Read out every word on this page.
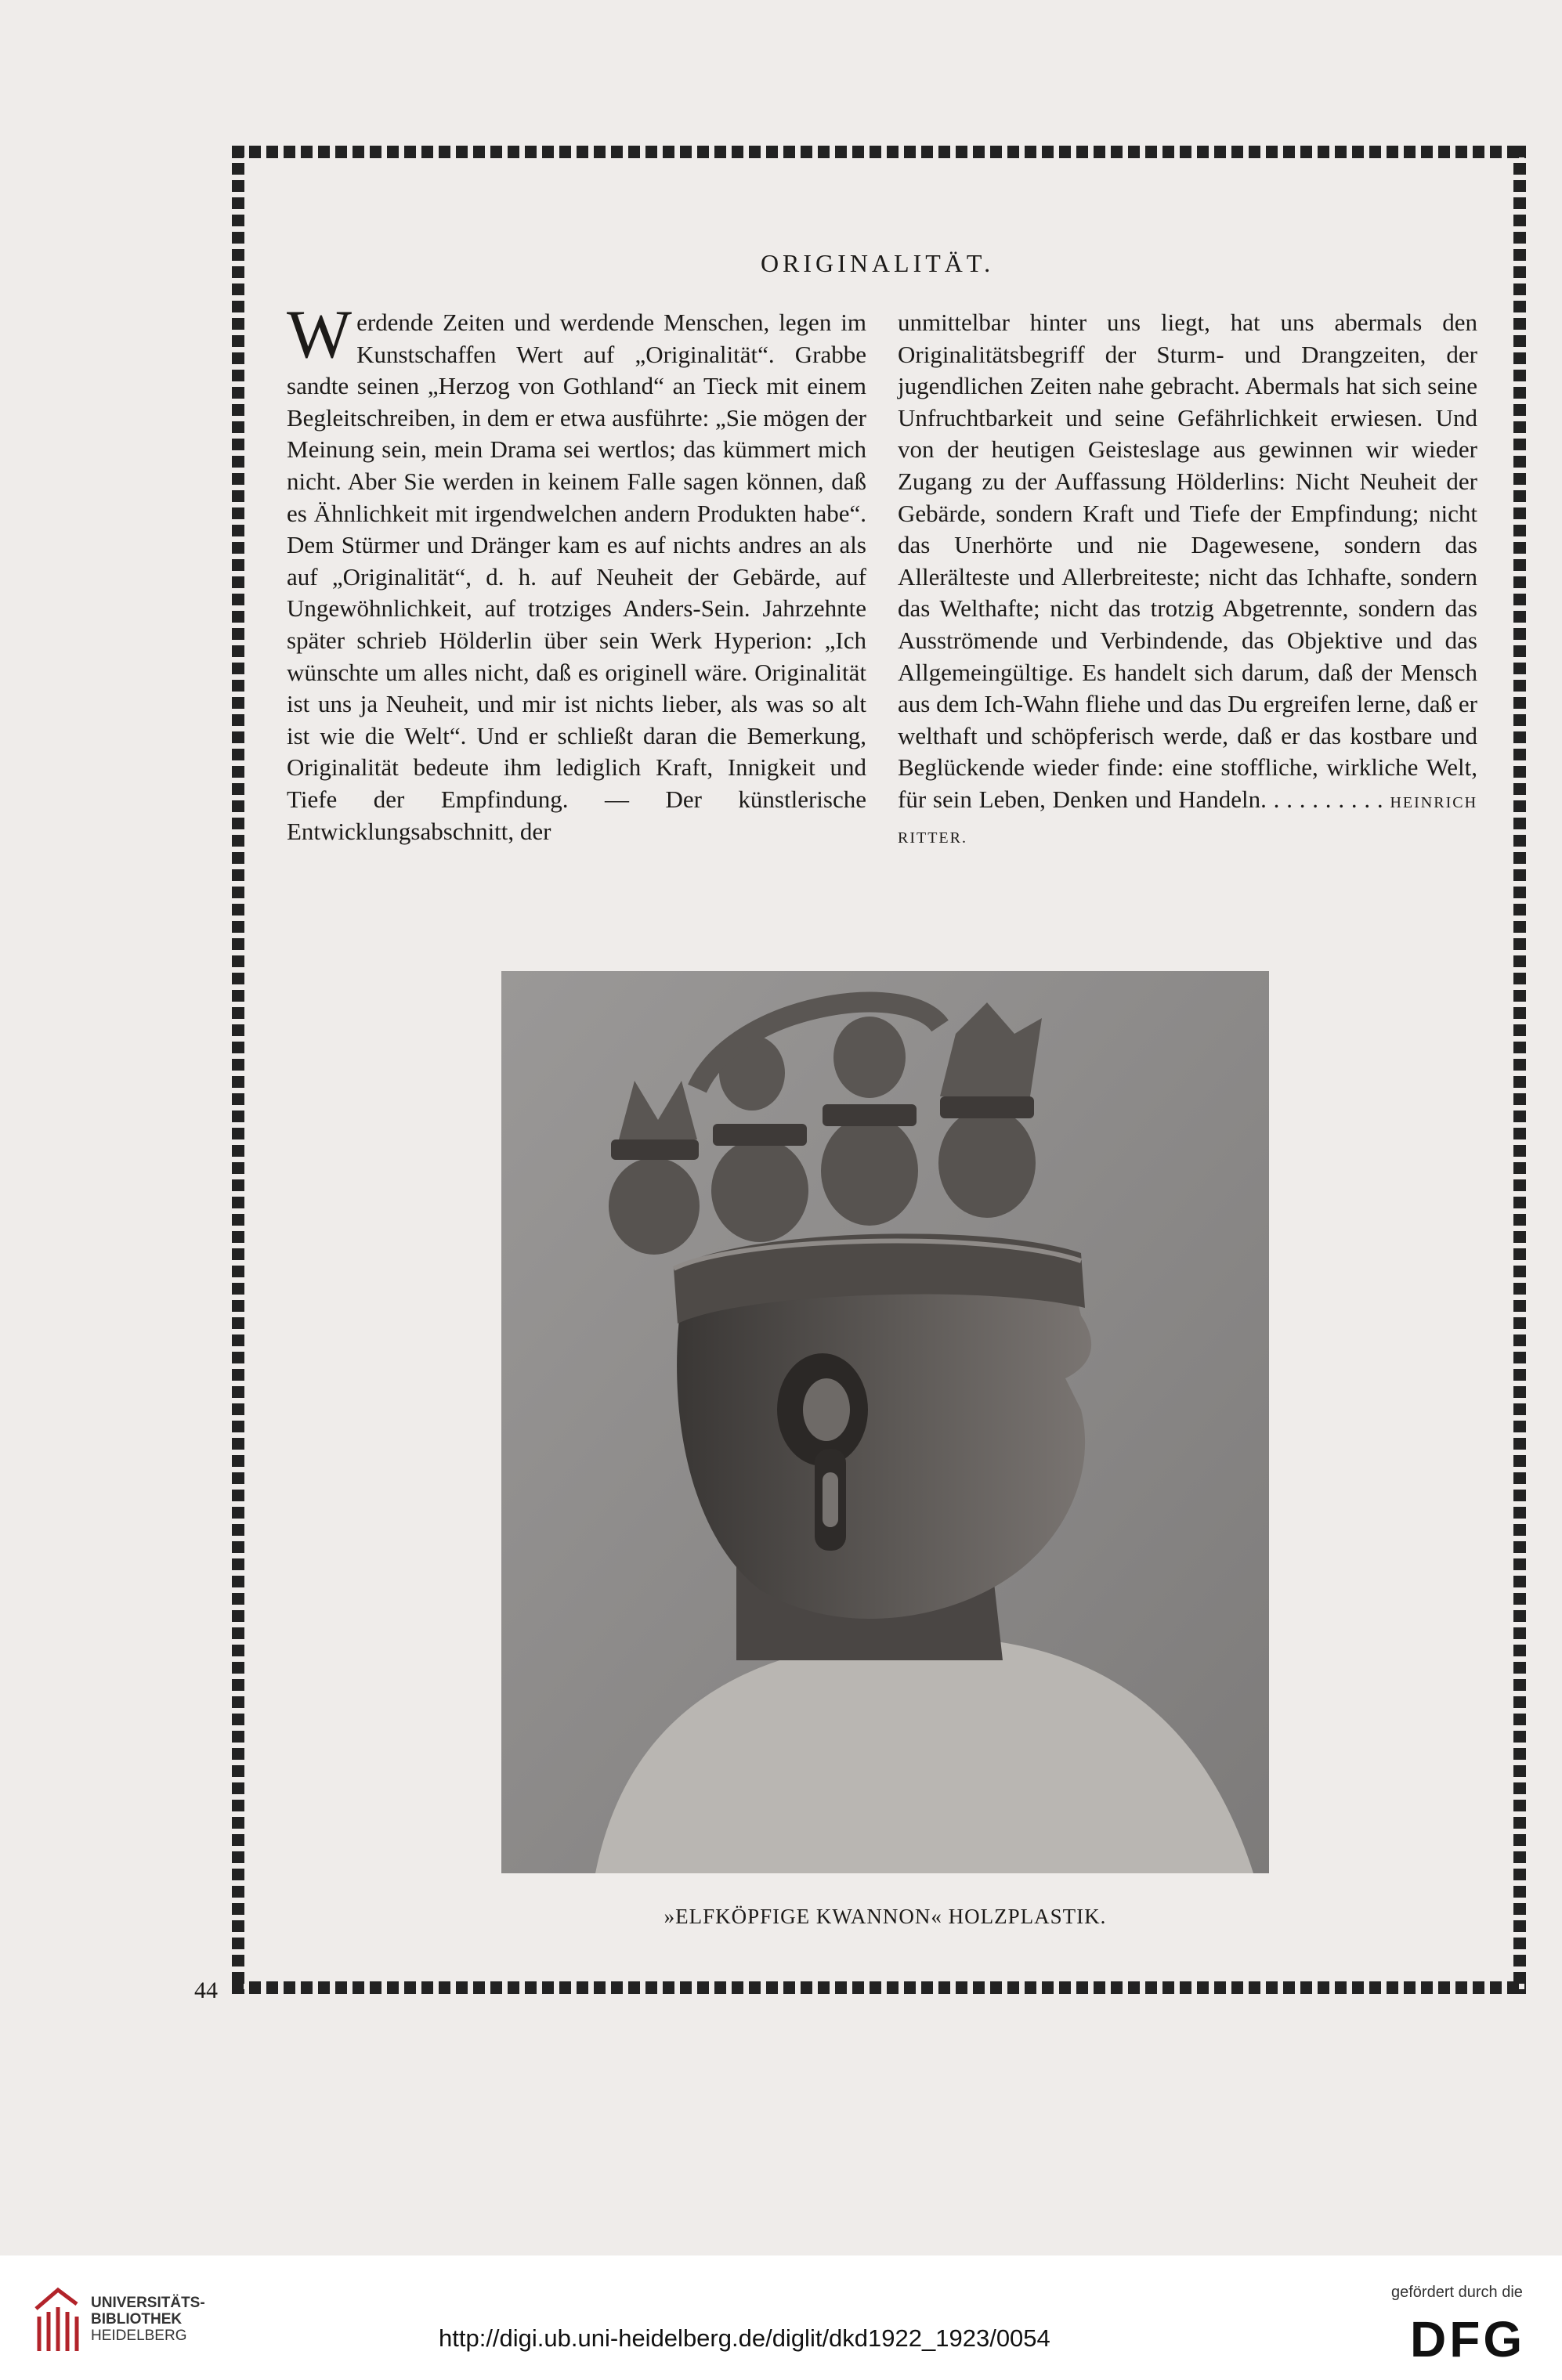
ORIGINALITÄT.
Werdende Zeiten und werdende Menschen, legen im Kunstschaffen Wert auf „Originalität“. Grabbe sandte seinen „Herzog von Gothland“ an Tieck mit einem Begleitschreiben, in dem er etwa ausführte: „Sie mögen der Meinung sein, mein Drama sei wertlos; das kümmert mich nicht. Aber Sie werden in keinem Falle sagen können, daß es Ähnlichkeit mit irgendwelchen andern Produkten habe“. Dem Stürmer und Dränger kam es auf nichts andres an als auf „Originalität“, d. h. auf Neuheit der Gebärde, auf Ungewöhnlichkeit, auf trotziges Anders-Sein. Jahrzehnte später schrieb Hölderlin über sein Werk Hyperion: „Ich wünschte um alles nicht, daß es originell wäre. Originalität ist uns ja Neuheit, und mir ist nichts lieber, als was so alt ist wie die Welt“. Und er schließt daran die Bemerkung, Originalität bedeute ihm lediglich Kraft, Innigkeit und Tiefe der Empfindung. — Der künstlerische Entwicklungsabschnitt, der
unmittelbar hinter uns liegt, hat uns abermals den Originalitätsbegriff der Sturm- und Drangzeiten, der jugendlichen Zeiten nahe gebracht. Abermals hat sich seine Unfruchtbarkeit und seine Gefährlichkeit erwiesen. Und von der heutigen Geisteslage aus gewinnen wir wieder Zugang zu der Auffassung Hölderlins: Nicht Neuheit der Gebärde, sondern Kraft und Tiefe der Empfindung; nicht das Unerhörte und nie Dagewesene, sondern das Allerälteste und Allerbreiteste; nicht das Ichhafte, sondern das Welthafte; nicht das trotzig Abgetrennte, sondern das Ausströmende und Verbindende, das Objektive und das Allgemeingültige. Es handelt sich darum, daß der Mensch aus dem Ich-Wahn fliehe und das Du ergreifen lerne, daß er welthaft und schöpferisch werde, daß er das kostbare und Beglückende wieder finde: eine stoffliche, wirkliche Welt, für sein Leben, Denken und Handeln. . . . . . . . . . HEINRICH RITTER.
»ELFKÖPFIGE KWANNON« HOLZPLASTIK.
44
UNIVERSITÄTS-
BIBLIOTHEK
HEIDELBERG	http://digi.ub.uni-heidelberg.de/diglit/dkd1922_1923/0054
gefördert durch die
DFG
